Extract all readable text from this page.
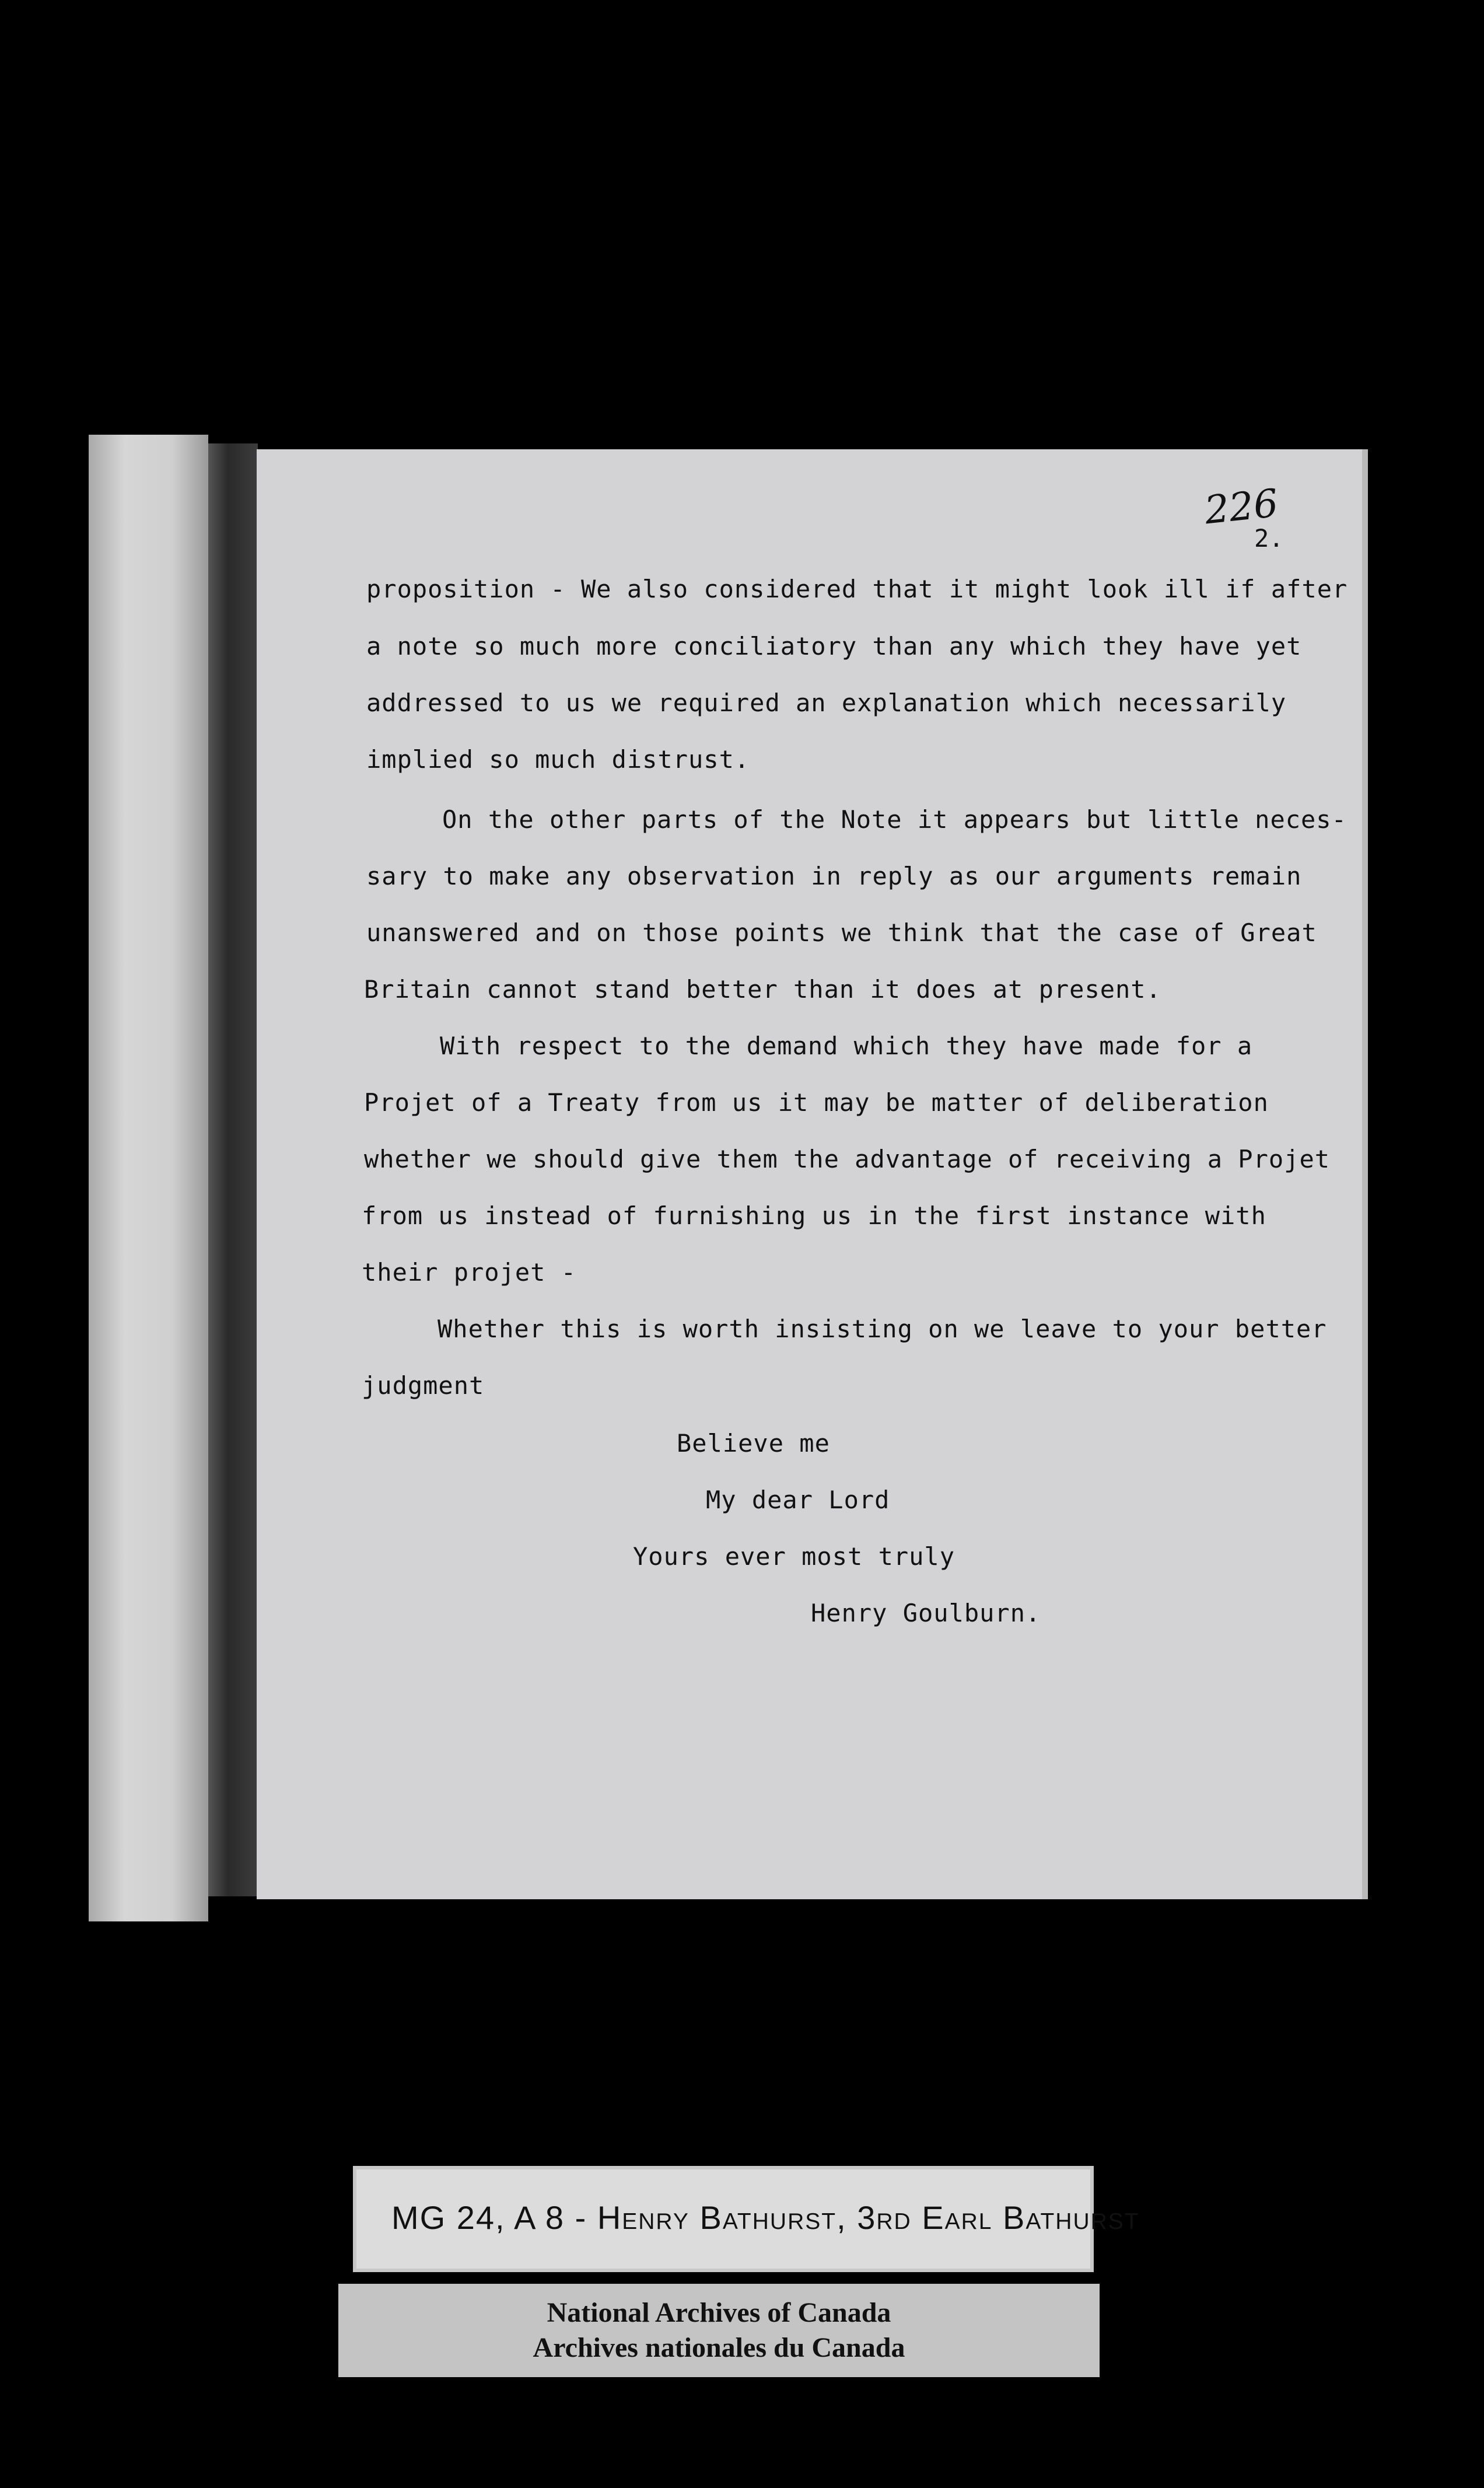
226
2.
proposition - We also considered that it might look ill if after
a note so much more conciliatory than any which they have yet
addressed to us we required an explanation which necessarily
implied so much distrust.
On the other parts of the Note it appears but little neces-
sary to make any observation in reply as our arguments remain
unanswered and on those points we think that the case of Great
Britain cannot stand better than it does at present.
With respect to the demand which they have made for a
Projet of a Treaty from us it may be matter of deliberation
whether we should give them the advantage of receiving a Projet
from us instead of furnishing us in the first instance with
their projet -
Whether this is worth insisting on we leave to your better
judgment
Believe me
My dear Lord
Yours ever most truly
Henry Goulburn.
MG 24, A 8 - Henry Bathurst, 3rd Earl Bathurst
National Archives of Canada
Archives nationales du Canada
